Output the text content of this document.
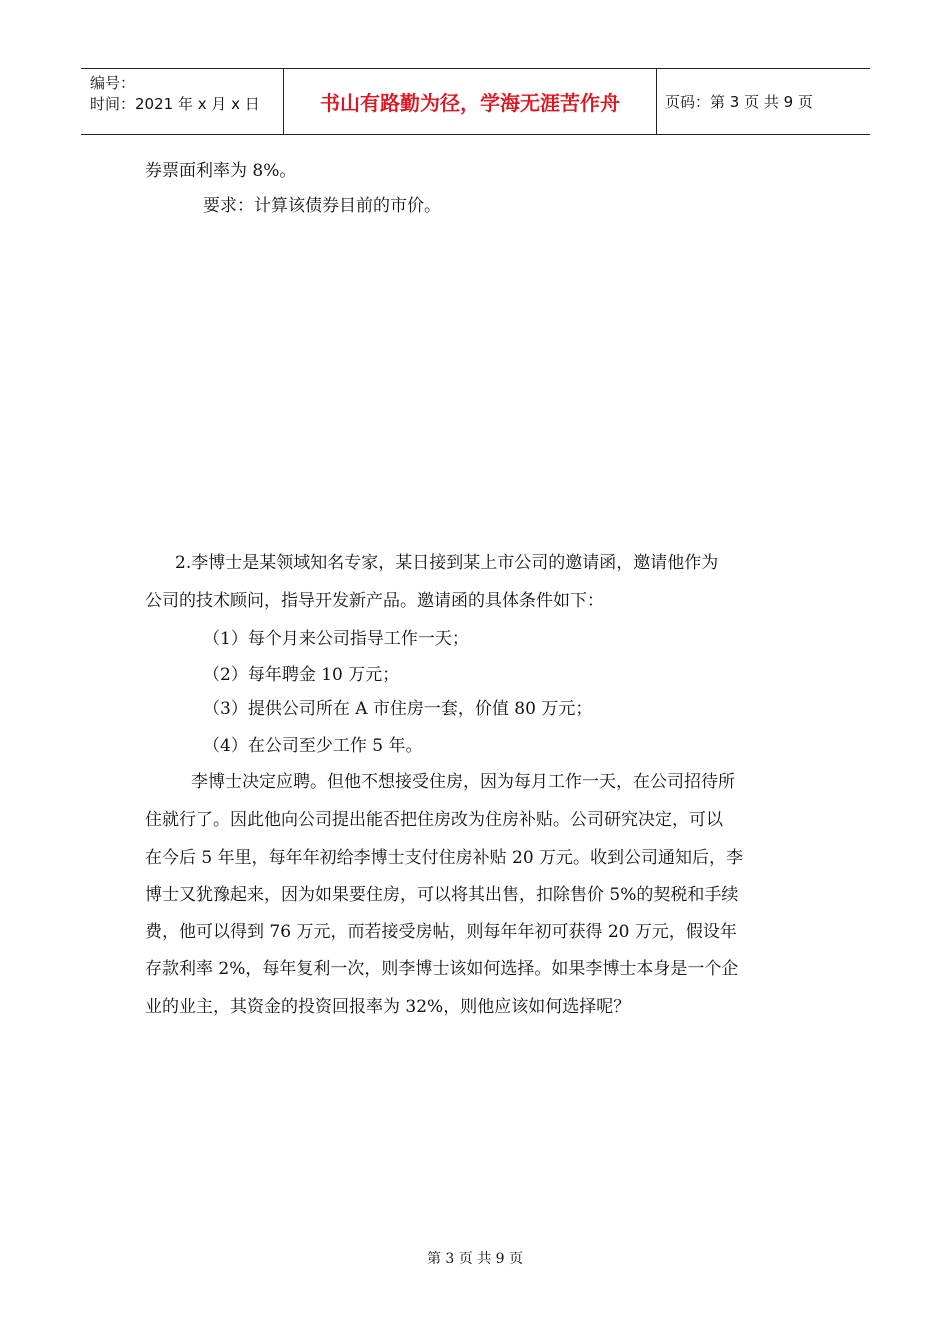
编号：
时间：2021 年 x 月 x 日	书山有路勤为径，学海无涯苦作舟	页码：第 3 页 共 9 页
券票面利率为 8%。
要求：计算该债券目前的市价。
2.李博士是某领域知名专家，某日接到某上市公司的邀请函，邀请他作为
公司的技术顾问，指导开发新产品。邀请函的具体条件如下：
（1）每个月来公司指导工作一天；
（2）每年聘金 10 万元；
（3）提供公司所在 A 市住房一套，价值 80 万元；
（4）在公司至少工作 5 年。
李博士决定应聘。但他不想接受住房，因为每月工作一天，在公司招待所
住就行了。因此他向公司提出能否把住房改为住房补贴。公司研究决定，可以
在今后 5 年里，每年年初给李博士支付住房补贴 20 万元。收到公司通知后，李
博士又犹豫起来，因为如果要住房，可以将其出售，扣除售价 5%的契税和手续
费，他可以得到 76 万元，而若接受房帖，则每年年初可获得 20 万元，假设年
存款利率 2%，每年复利一次，则李博士该如何选择。如果李博士本身是一个企
业的业主，其资金的投资回报率为 32%，则他应该如何选择呢？
第 3 页 共 9 页
